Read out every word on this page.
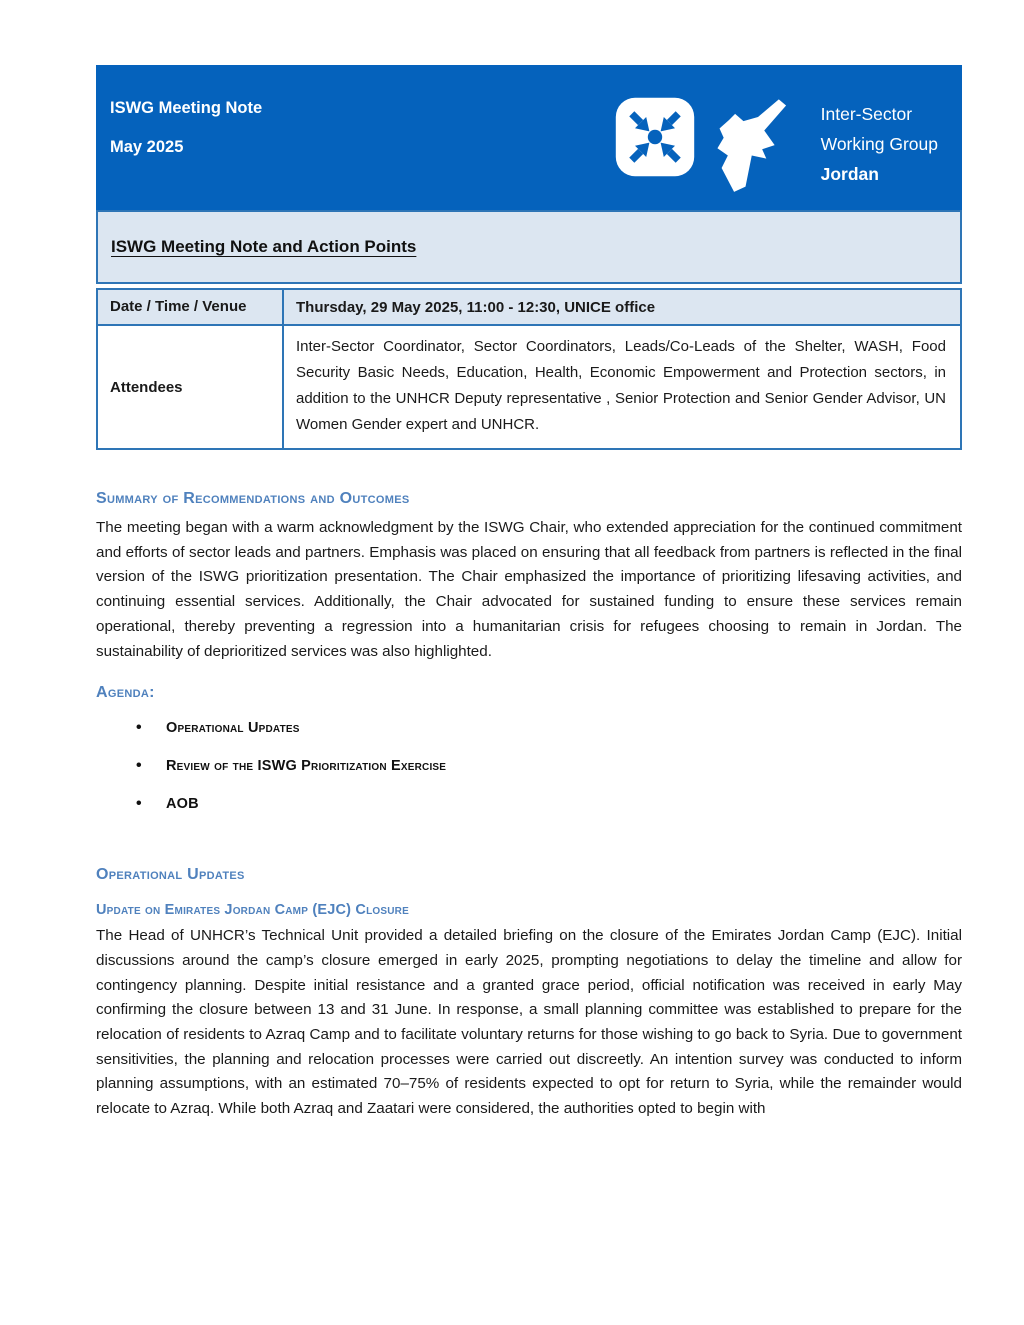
ISWG Meeting Note
May 2025
Inter-Sector
Working Group
Jordan
ISWG Meeting Note and Action Points
Date / Time / Venue	Thursday, 29 May 2025, 11:00 - 12:30, UNICE office
Attendees	Inter-Sector Coordinator, Sector Coordinators, Leads/Co-Leads of the Shelter, WASH, Food Security Basic Needs, Education, Health, Economic Empowerment and Protection sectors, in addition to the UNHCR Deputy representative , Senior Protection and Senior Gender Advisor, UN Women Gender expert and UNHCR.
Summary of Recommendations and Outcomes

The meeting began with a warm acknowledgment by the ISWG Chair, who extended appreciation for the continued commitment and efforts of sector leads and partners. Emphasis was placed on ensuring that all feedback from partners is reflected in the final version of the ISWG prioritization presentation. The Chair emphasized the importance of prioritizing lifesaving activities, and continuing essential services. Additionally, the Chair advocated for sustained funding to ensure these services remain operational, thereby preventing a regression into a humanitarian crisis for refugees choosing to remain in Jordan. The sustainability of deprioritized services was also highlighted.

Agenda:
• Operational Updates
• Review of the ISWG Prioritization Exercise
• AOB
Operational Updates
Update on Emirates Jordan Camp (EJC) Closure

The Head of UNHCR’s Technical Unit provided a detailed briefing on the closure of the Emirates Jordan Camp (EJC). Initial discussions around the camp’s closure emerged in early 2025, prompting negotiations to delay the timeline and allow for contingency planning. Despite initial resistance and a granted grace period, official notification was received in early May confirming the closure between 13 and 31 June. In response, a small planning committee was established to prepare for the relocation of residents to Azraq Camp and to facilitate voluntary returns for those wishing to go back to Syria. Due to government sensitivities, the planning and relocation processes were carried out discreetly. An intention survey was conducted to inform planning assumptions, with an estimated 70–75% of residents expected to opt for return to Syria, while the remainder would relocate to Azraq. While both Azraq and Zaatari were considered, the authorities opted to begin with
